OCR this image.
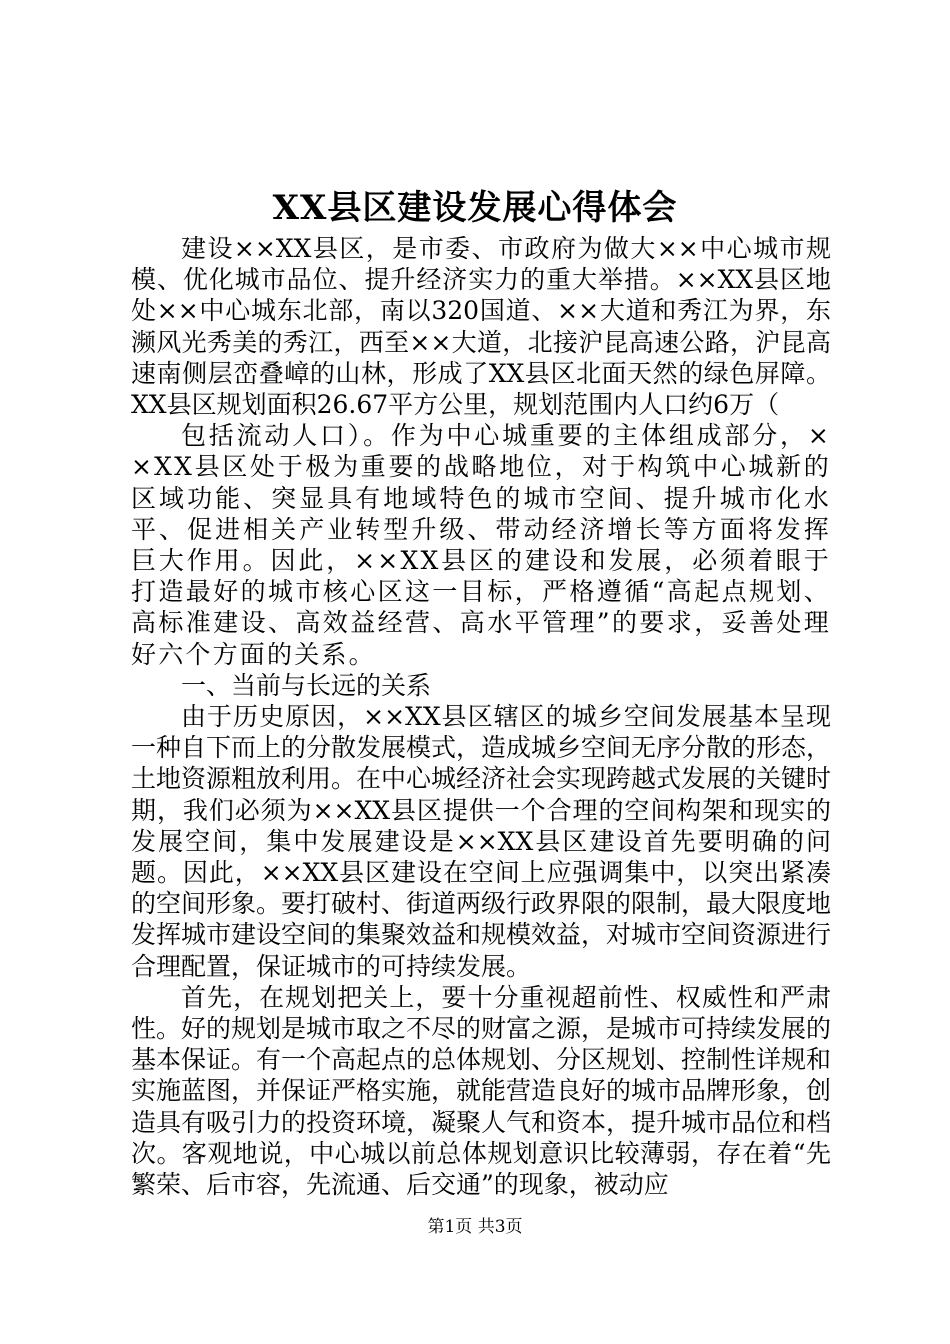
XX县区建设发展心得体会

建设××XX县区，是市委、市政府为做大××中心城市规模、优化城市品位、提升经济实力的重大举措。××XX县区地处××中心城东北部，南以320国道、××大道和秀江为界，东濒风光秀美的秀江，西至××大道，北接沪昆高速公路，沪昆高速南侧层峦叠嶂的山林，形成了XX县区北面天然的绿色屏障。XX县区规划面积26.67平方公里，规划范围内人口约6万（

包括流动人口）。作为中心城重要的主体组成部分，××XX县区处于极为重要的战略地位，对于构筑中心城新的区域功能、突显具有地域特色的城市空间、提升城市化水平、促进相关产业转型升级、带动经济增长等方面将发挥巨大作用。因此，××XX县区的建设和发展，必须着眼于打造最好的城市核心区这一目标，严格遵循“高起点规划、高标准建设、高效益经营、高水平管理”的要求，妥善处理好六个方面的关系。

一、当前与长远的关系

由于历史原因，××XX县区辖区的城乡空间发展基本呈现一种自下而上的分散发展模式，造成城乡空间无序分散的形态，土地资源粗放利用。在中心城经济社会实现跨越式发展的关键时期，我们必须为××XX县区提供一个合理的空间构架和现实的发展空间，集中发展建设是××XX县区建设首先要明确的问题。因此，××XX县区建设在空间上应强调集中，以突出紧凑的空间形象。要打破村、街道两级行政界限的限制，最大限度地发挥城市建设空间的集聚效益和规模效益，对城市空间资源进行合理配置，保证城市的可持续发展。

首先，在规划把关上，要十分重视超前性、权威性和严肃性。好的规划是城市取之不尽的财富之源，是城市可持续发展的基本保证。有一个高起点的总体规划、分区规划、控制性详规和实施蓝图，并保证严格实施，就能营造良好的城市品牌形象，创造具有吸引力的投资环境，凝聚人气和资本，提升城市品位和档次。客观地说，中心城以前总体规划意识比较薄弱，存在着“先繁荣、后市容，先流通、后交通”的现象，被动应

第1页 共3页
